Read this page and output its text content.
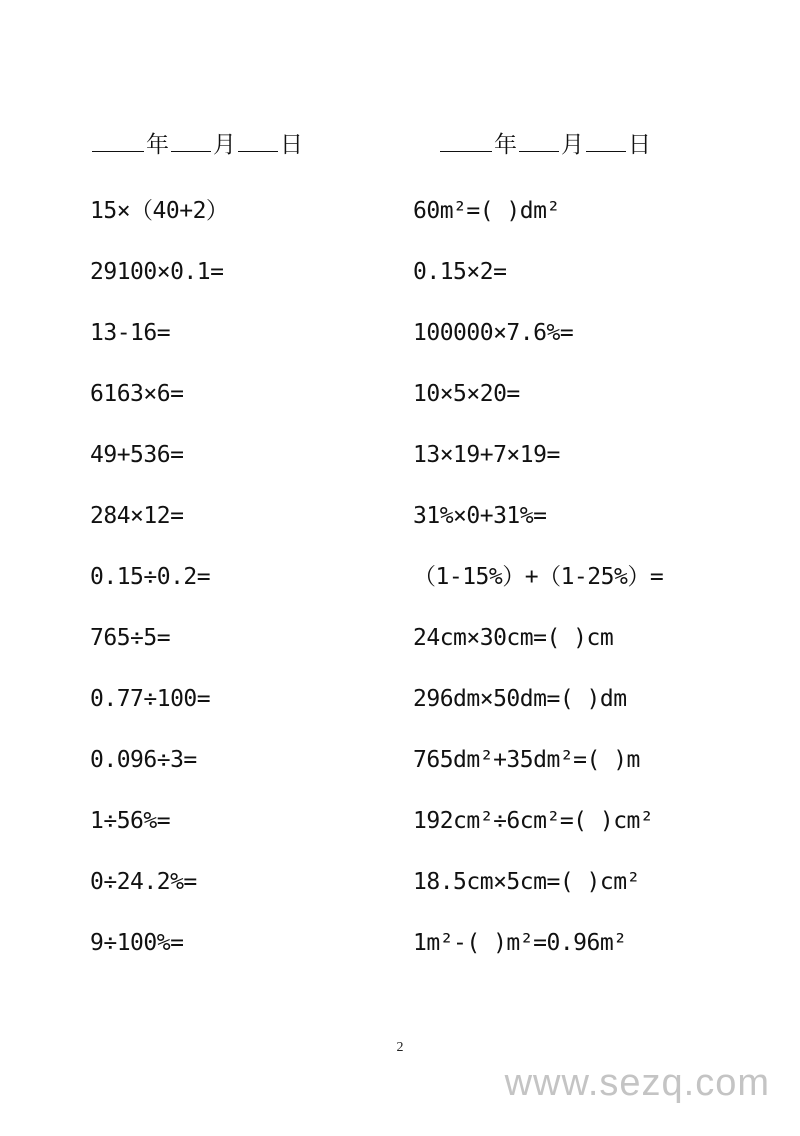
年 月 日	年 月 日
15×（40+2）
29100×0.1=
13-16=
6163×6=
49+536=
284×12=
0.15÷0.2=
765÷5=
0.77÷100=
0.096÷3=
1÷56%=
0÷24.2%=
9÷100%=
60m²=( )dm²
0.15×2=
100000×7.6%=
10×5×20=
13×19+7×19=
31%×0+31%=
（1-15%）+（1-25%）=
24cm×30cm=( )cm
296dm×50dm=( )dm
765dm²+35dm²=( )m
192cm²÷6cm²=( )cm²
18.5cm×5cm=( )cm²
1m²-( )m²=0.96m²
2
www.sezq.com
